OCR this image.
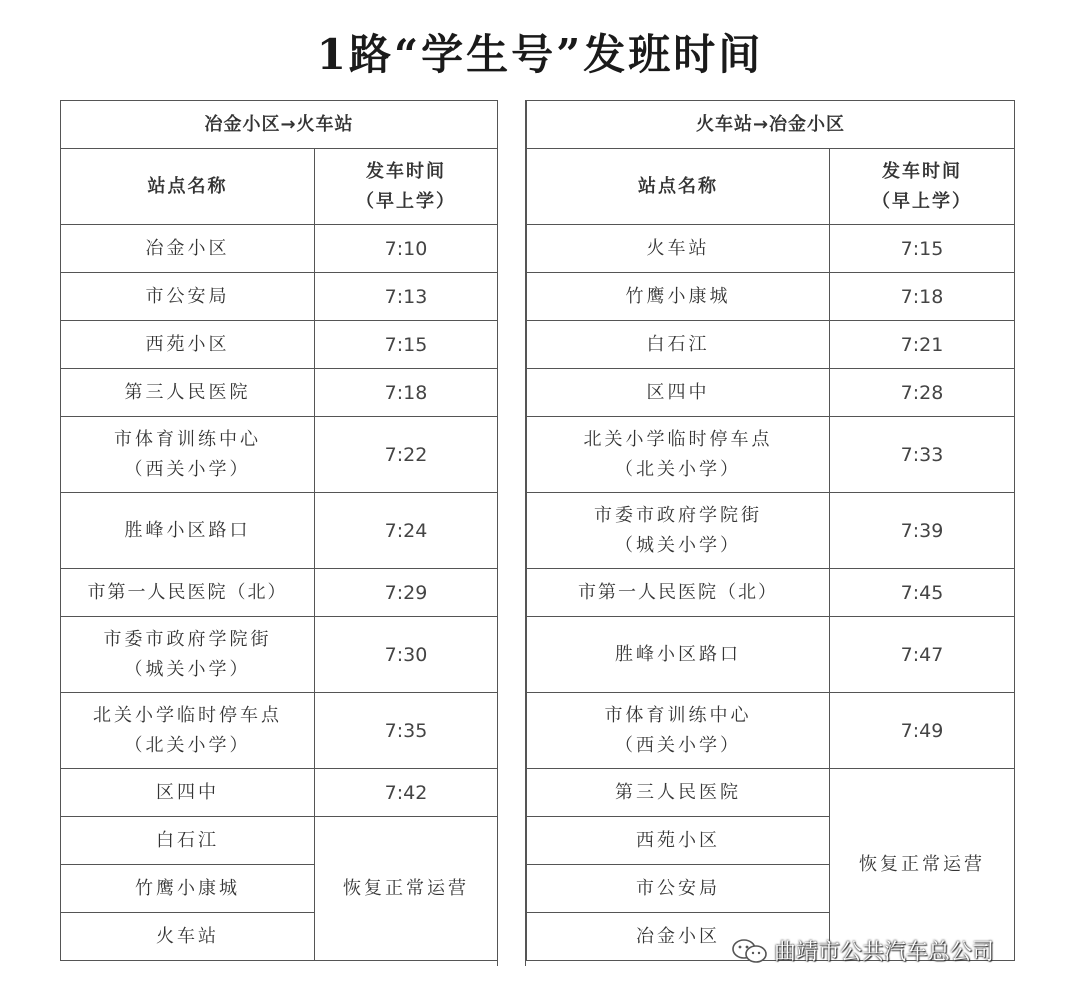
1路“学生号”发班时间
冶金小区→火车站	
站点名称	发车时间
（早上学）
冶金小区	7:10
市公安局	7:13
西苑小区	7:15
第三人民医院	7:18
市体育训练中心
（西关小学）	7:22
胜峰小区路口	7:24
市第一人民医院（北）	7:29
市委市政府学院街
（城关小学）	7:30
北关小学临时停车点
（北关小学）	7:35
区四中	7:42
白石江	恢复正常运营
竹鹰小康城	
火车站	
火车站→冶金小区	
站点名称	发车时间
（早上学）
火车站	7:15
竹鹰小康城	7:18
白石江	7:21
区四中	7:28
北关小学临时停车点
（北关小学）	7:33
市委市政府学院街
（城关小学）	7:39
市第一人民医院（北）	7:45
胜峰小区路口	7:47
市体育训练中心
（西关小学）	7:49
第三人民医院	恢复正常运营
西苑小区	
市公安局	
冶金小区	
曲靖市公共汽车总公司
